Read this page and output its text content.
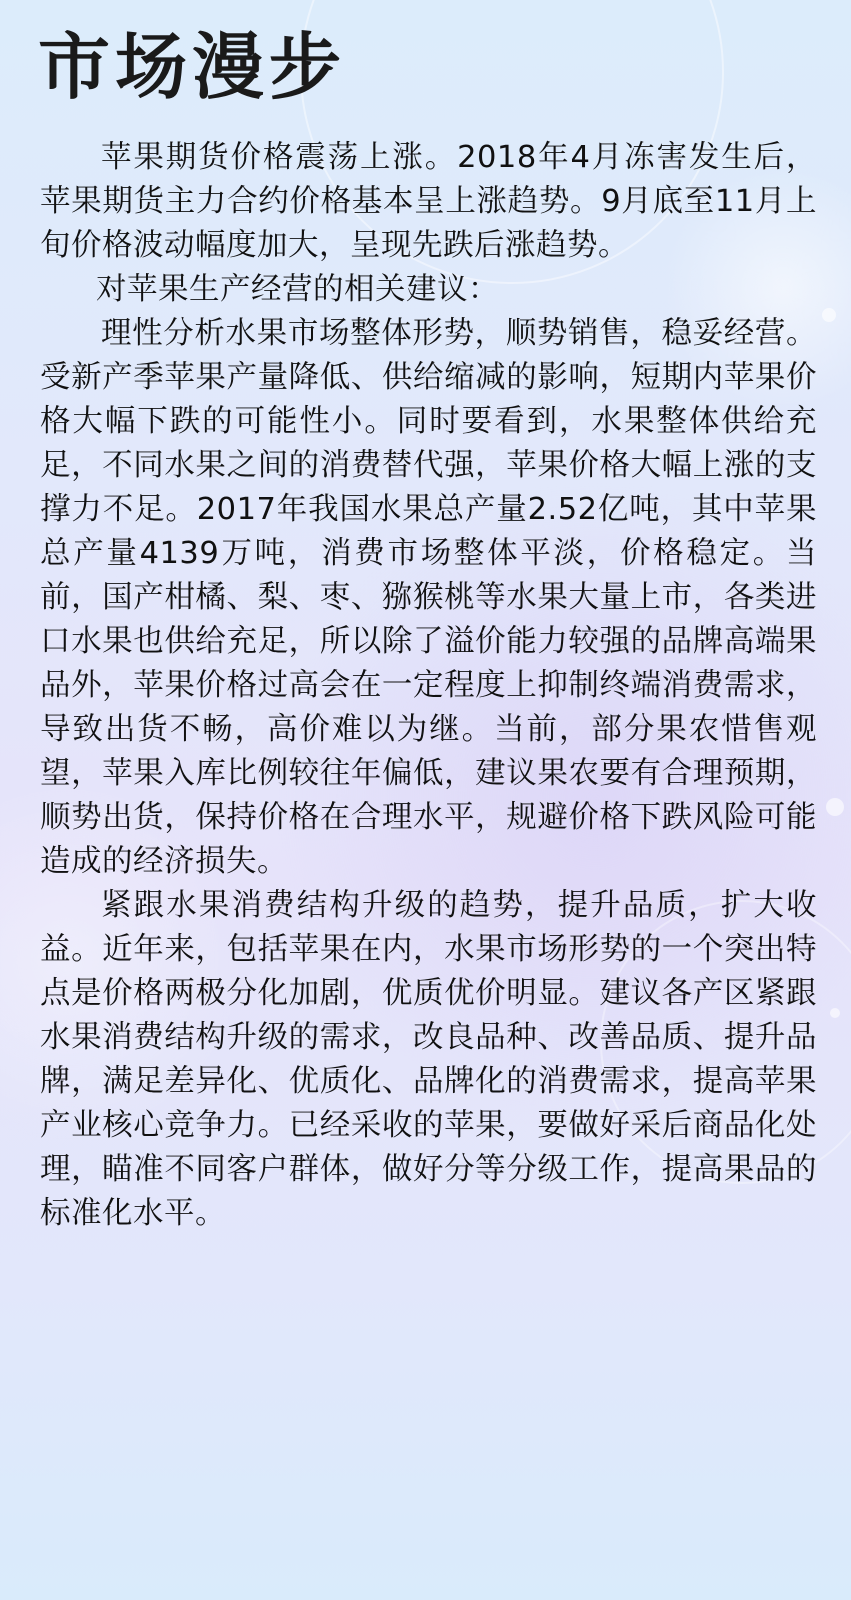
市场漫步

苹果期货价格震荡上涨。2018年4月冻害发生后，苹果期货主力合约价格基本呈上涨趋势。9月底至11月上旬价格波动幅度加大，呈现先跌后涨趋势。

对苹果生产经营的相关建议：

理性分析水果市场整体形势，顺势销售，稳妥经营。受新产季苹果产量降低、供给缩减的影响，短期内苹果价格大幅下跌的可能性小。同时要看到，水果整体供给充足，不同水果之间的消费替代强，苹果价格大幅上涨的支撑力不足。2017年我国水果总产量2.52亿吨，其中苹果总产量4139万吨，消费市场整体平淡，价格稳定。当前，国产柑橘、梨、枣、猕猴桃等水果大量上市，各类进口水果也供给充足，所以除了溢价能力较强的品牌高端果品外，苹果价格过高会在一定程度上抑制终端消费需求，导致出货不畅，高价难以为继。当前，部分果农惜售观望，苹果入库比例较往年偏低，建议果农要有合理预期，顺势出货，保持价格在合理水平，规避价格下跌风险可能造成的经济损失。

紧跟水果消费结构升级的趋势，提升品质，扩大收益。近年来，包括苹果在内，水果市场形势的一个突出特点是价格两极分化加剧，优质优价明显。建议各产区紧跟水果消费结构升级的需求，改良品种、改善品质、提升品牌，满足差异化、优质化、品牌化的消费需求，提高苹果产业核心竞争力。已经采收的苹果，要做好采后商品化处理，瞄准不同客户群体，做好分等分级工作，提高果品的标准化水平。
